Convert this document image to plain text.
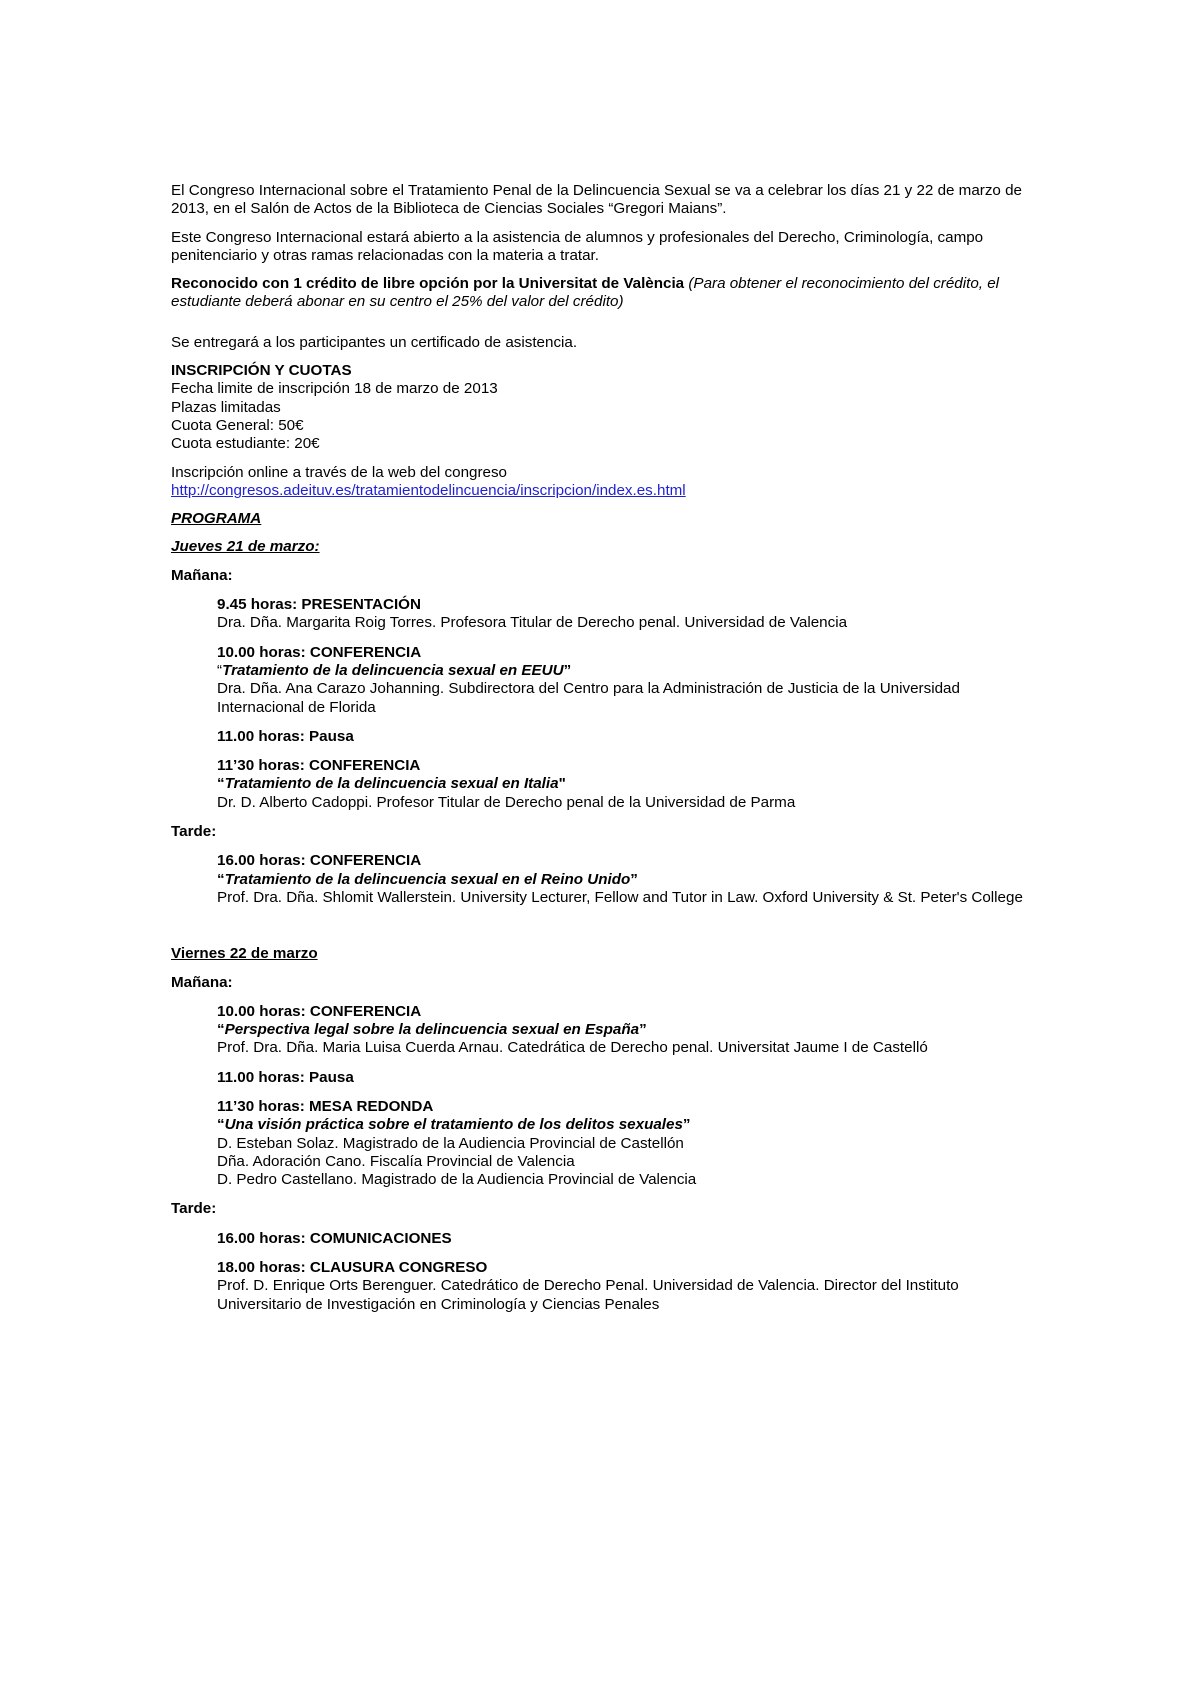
El Congreso Internacional sobre el Tratamiento Penal de la Delincuencia Sexual se va a celebrar los días 21 y 22 de marzo de 2013, en el Salón de Actos de la Biblioteca de Ciencias Sociales “Gregori Maians”.

Este Congreso Internacional estará abierto a la asistencia de alumnos y profesionales del Derecho, Criminología, campo penitenciario y otras ramas relacionadas con la materia a tratar.

Reconocido con 1 crédito de libre opción por la Universitat de València (Para obtener el reconocimiento del crédito, el estudiante deberá abonar en su centro el 25% del valor del crédito)

Se entregará a los participantes un certificado de asistencia.

INSCRIPCIÓN Y CUOTAS

Fecha limite de inscripción 18 de marzo de 2013

Plazas limitadas

Cuota General: 50€

Cuota estudiante: 20€

Inscripción online a través de la web del congreso

http://congresos.adeituv.es/tratamientodelincuencia/inscripcion/index.es.html

PROGRAMA

Jueves 21 de marzo:

Mañana:

9.45 horas: PRESENTACIÓN

Dra. Dña. Margarita Roig Torres. Profesora Titular de Derecho penal. Universidad de Valencia

10.00 horas: CONFERENCIA

“Tratamiento de la delincuencia sexual en EEUU”

Dra. Dña. Ana Carazo Johanning. Subdirectora del Centro para la Administración de Justicia de la Universidad Internacional de Florida

11.00 horas: Pausa

11’30 horas: CONFERENCIA

“Tratamiento de la delincuencia sexual en Italia"

Dr. D. Alberto Cadoppi. Profesor Titular de Derecho penal de la Universidad de Parma

Tarde:

16.00 horas: CONFERENCIA

“Tratamiento de la delincuencia sexual en el Reino Unido”

Prof. Dra. Dña. Shlomit Wallerstein. University Lecturer, Fellow and Tutor in Law. Oxford University & St. Peter's College

Viernes 22 de marzo

Mañana:

10.00 horas: CONFERENCIA

“Perspectiva legal sobre la delincuencia sexual en España”

Prof. Dra. Dña. Maria Luisa Cuerda Arnau. Catedrática de Derecho penal. Universitat Jaume I de Castelló

11.00 horas: Pausa

11’30 horas: MESA REDONDA

“Una visión práctica sobre el tratamiento de los delitos sexuales”

D. Esteban Solaz. Magistrado de la Audiencia Provincial de Castellón

Dña. Adoración Cano. Fiscalía Provincial de Valencia

D. Pedro Castellano. Magistrado de la Audiencia Provincial de Valencia

Tarde:

16.00 horas: COMUNICACIONES

18.00 horas: CLAUSURA CONGRESO

Prof. D. Enrique Orts Berenguer. Catedrático de Derecho Penal. Universidad de Valencia. Director del Instituto Universitario de Investigación en Criminología y Ciencias Penales
